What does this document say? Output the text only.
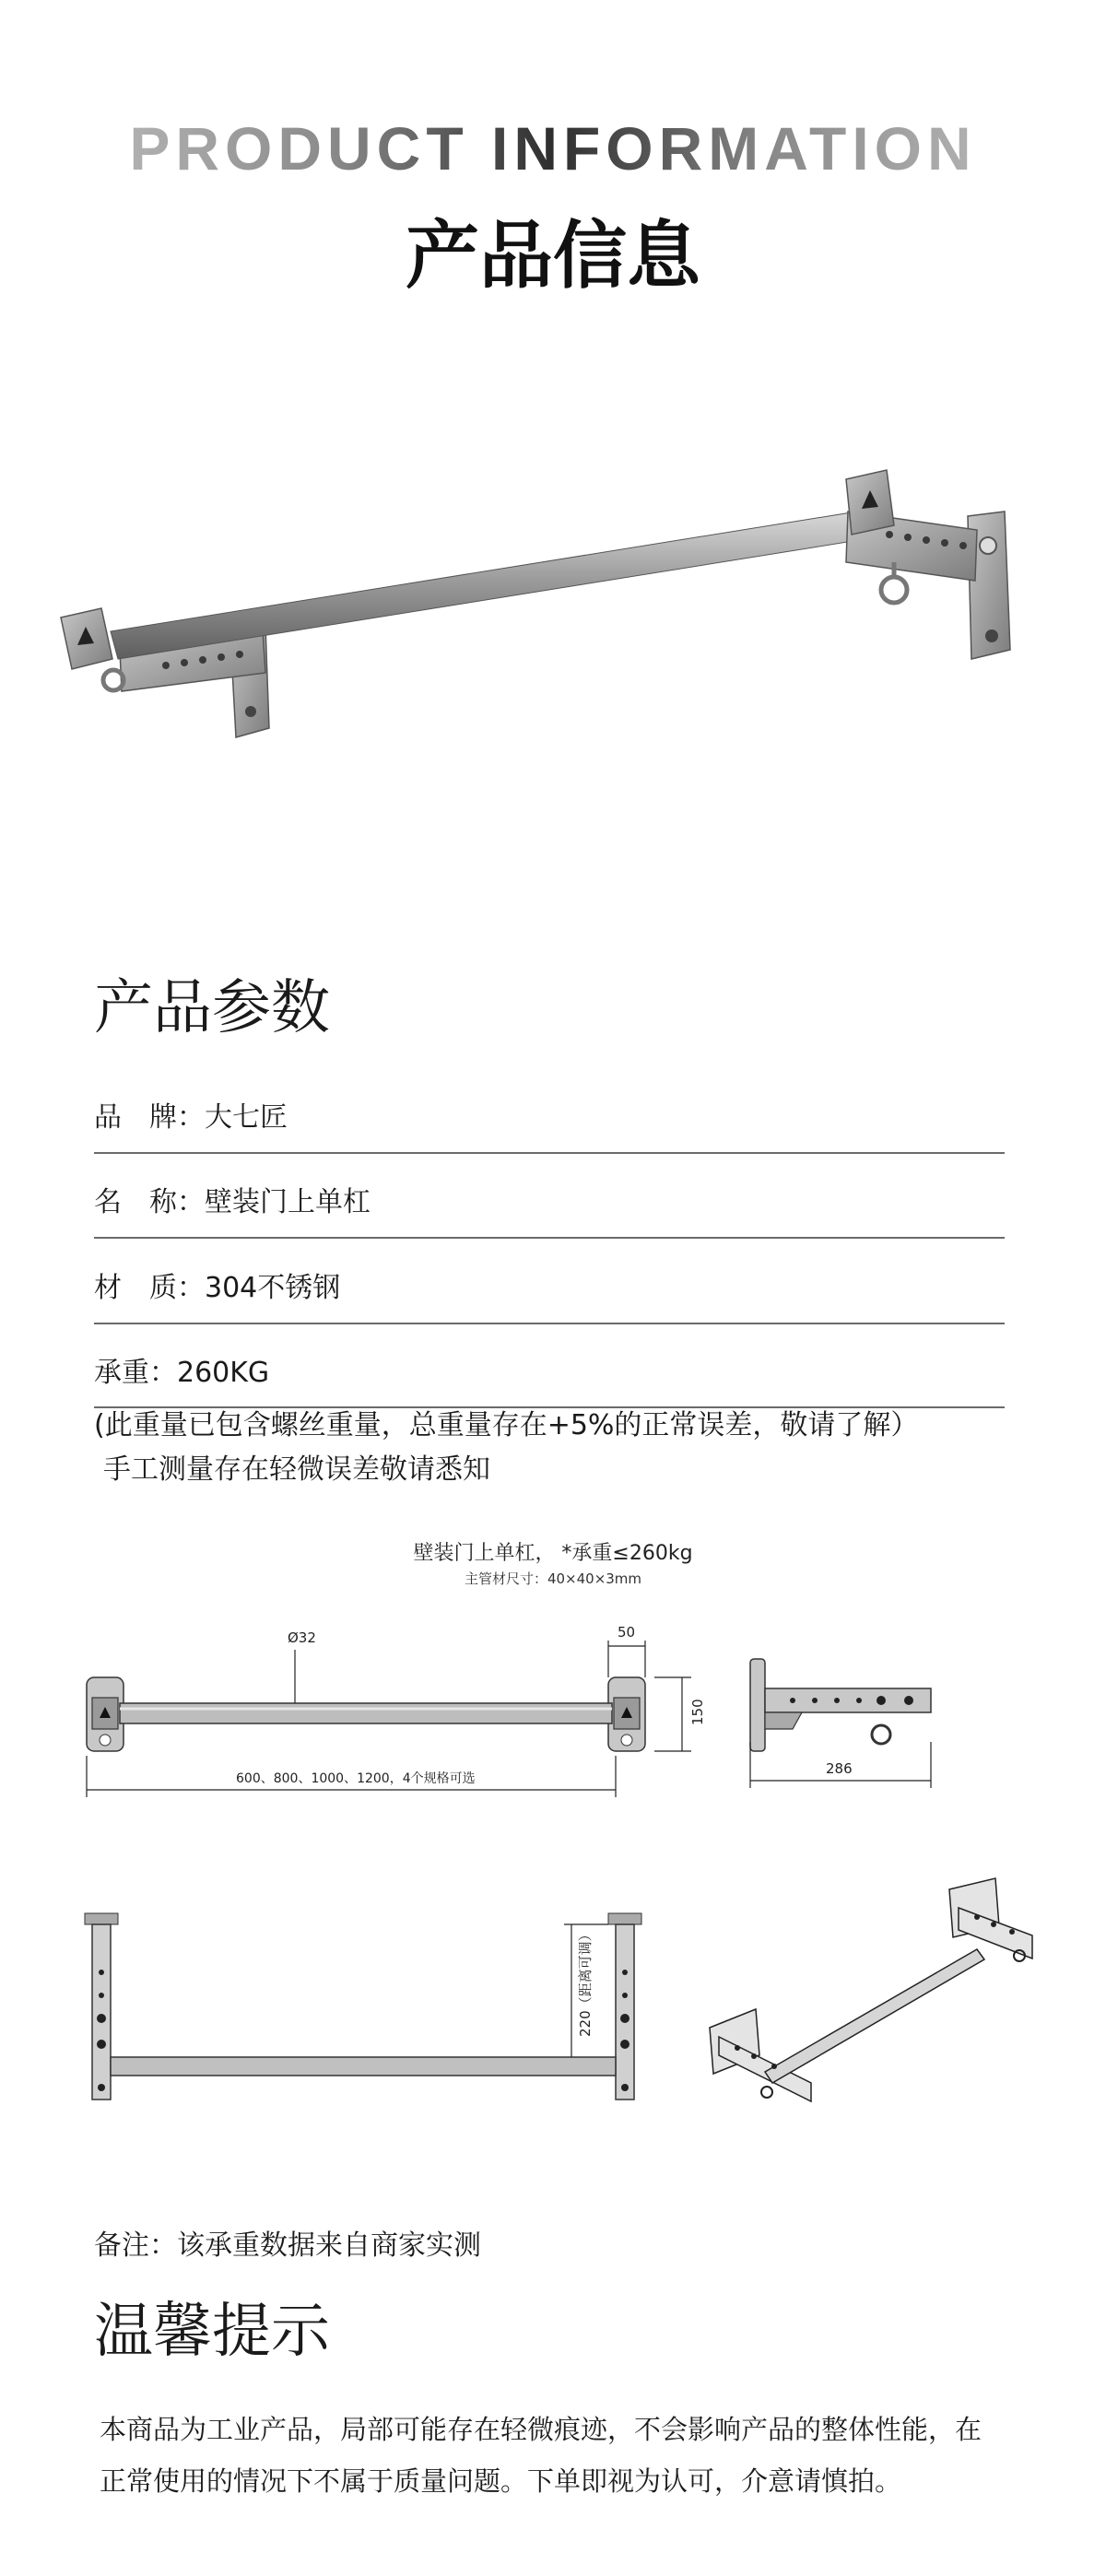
PRODUCT INFORMATION
产品信息
产品参数
品　牌：大七匠
名　称：壁装门上单杠
材　质：304不锈钢
承重：260KG
(此重量已包含螺丝重量，总重量存在+5%的正常误差，敬请了解）
手工测量存在轻微误差敬请悉知
壁装门上单杠， *承重≤260kg
主管材尺寸：40×40×3mm
Ø32	50
150
600、800、1000、1200，4个规格可选
286
220（距离可调）
备注：该承重数据来自商家实测
温馨提示
本商品为工业产品，局部可能存在轻微痕迹，不会影响产品的整体性能，在
正常使用的情况下不属于质量问题。下单即视为认可，介意请慎拍。
